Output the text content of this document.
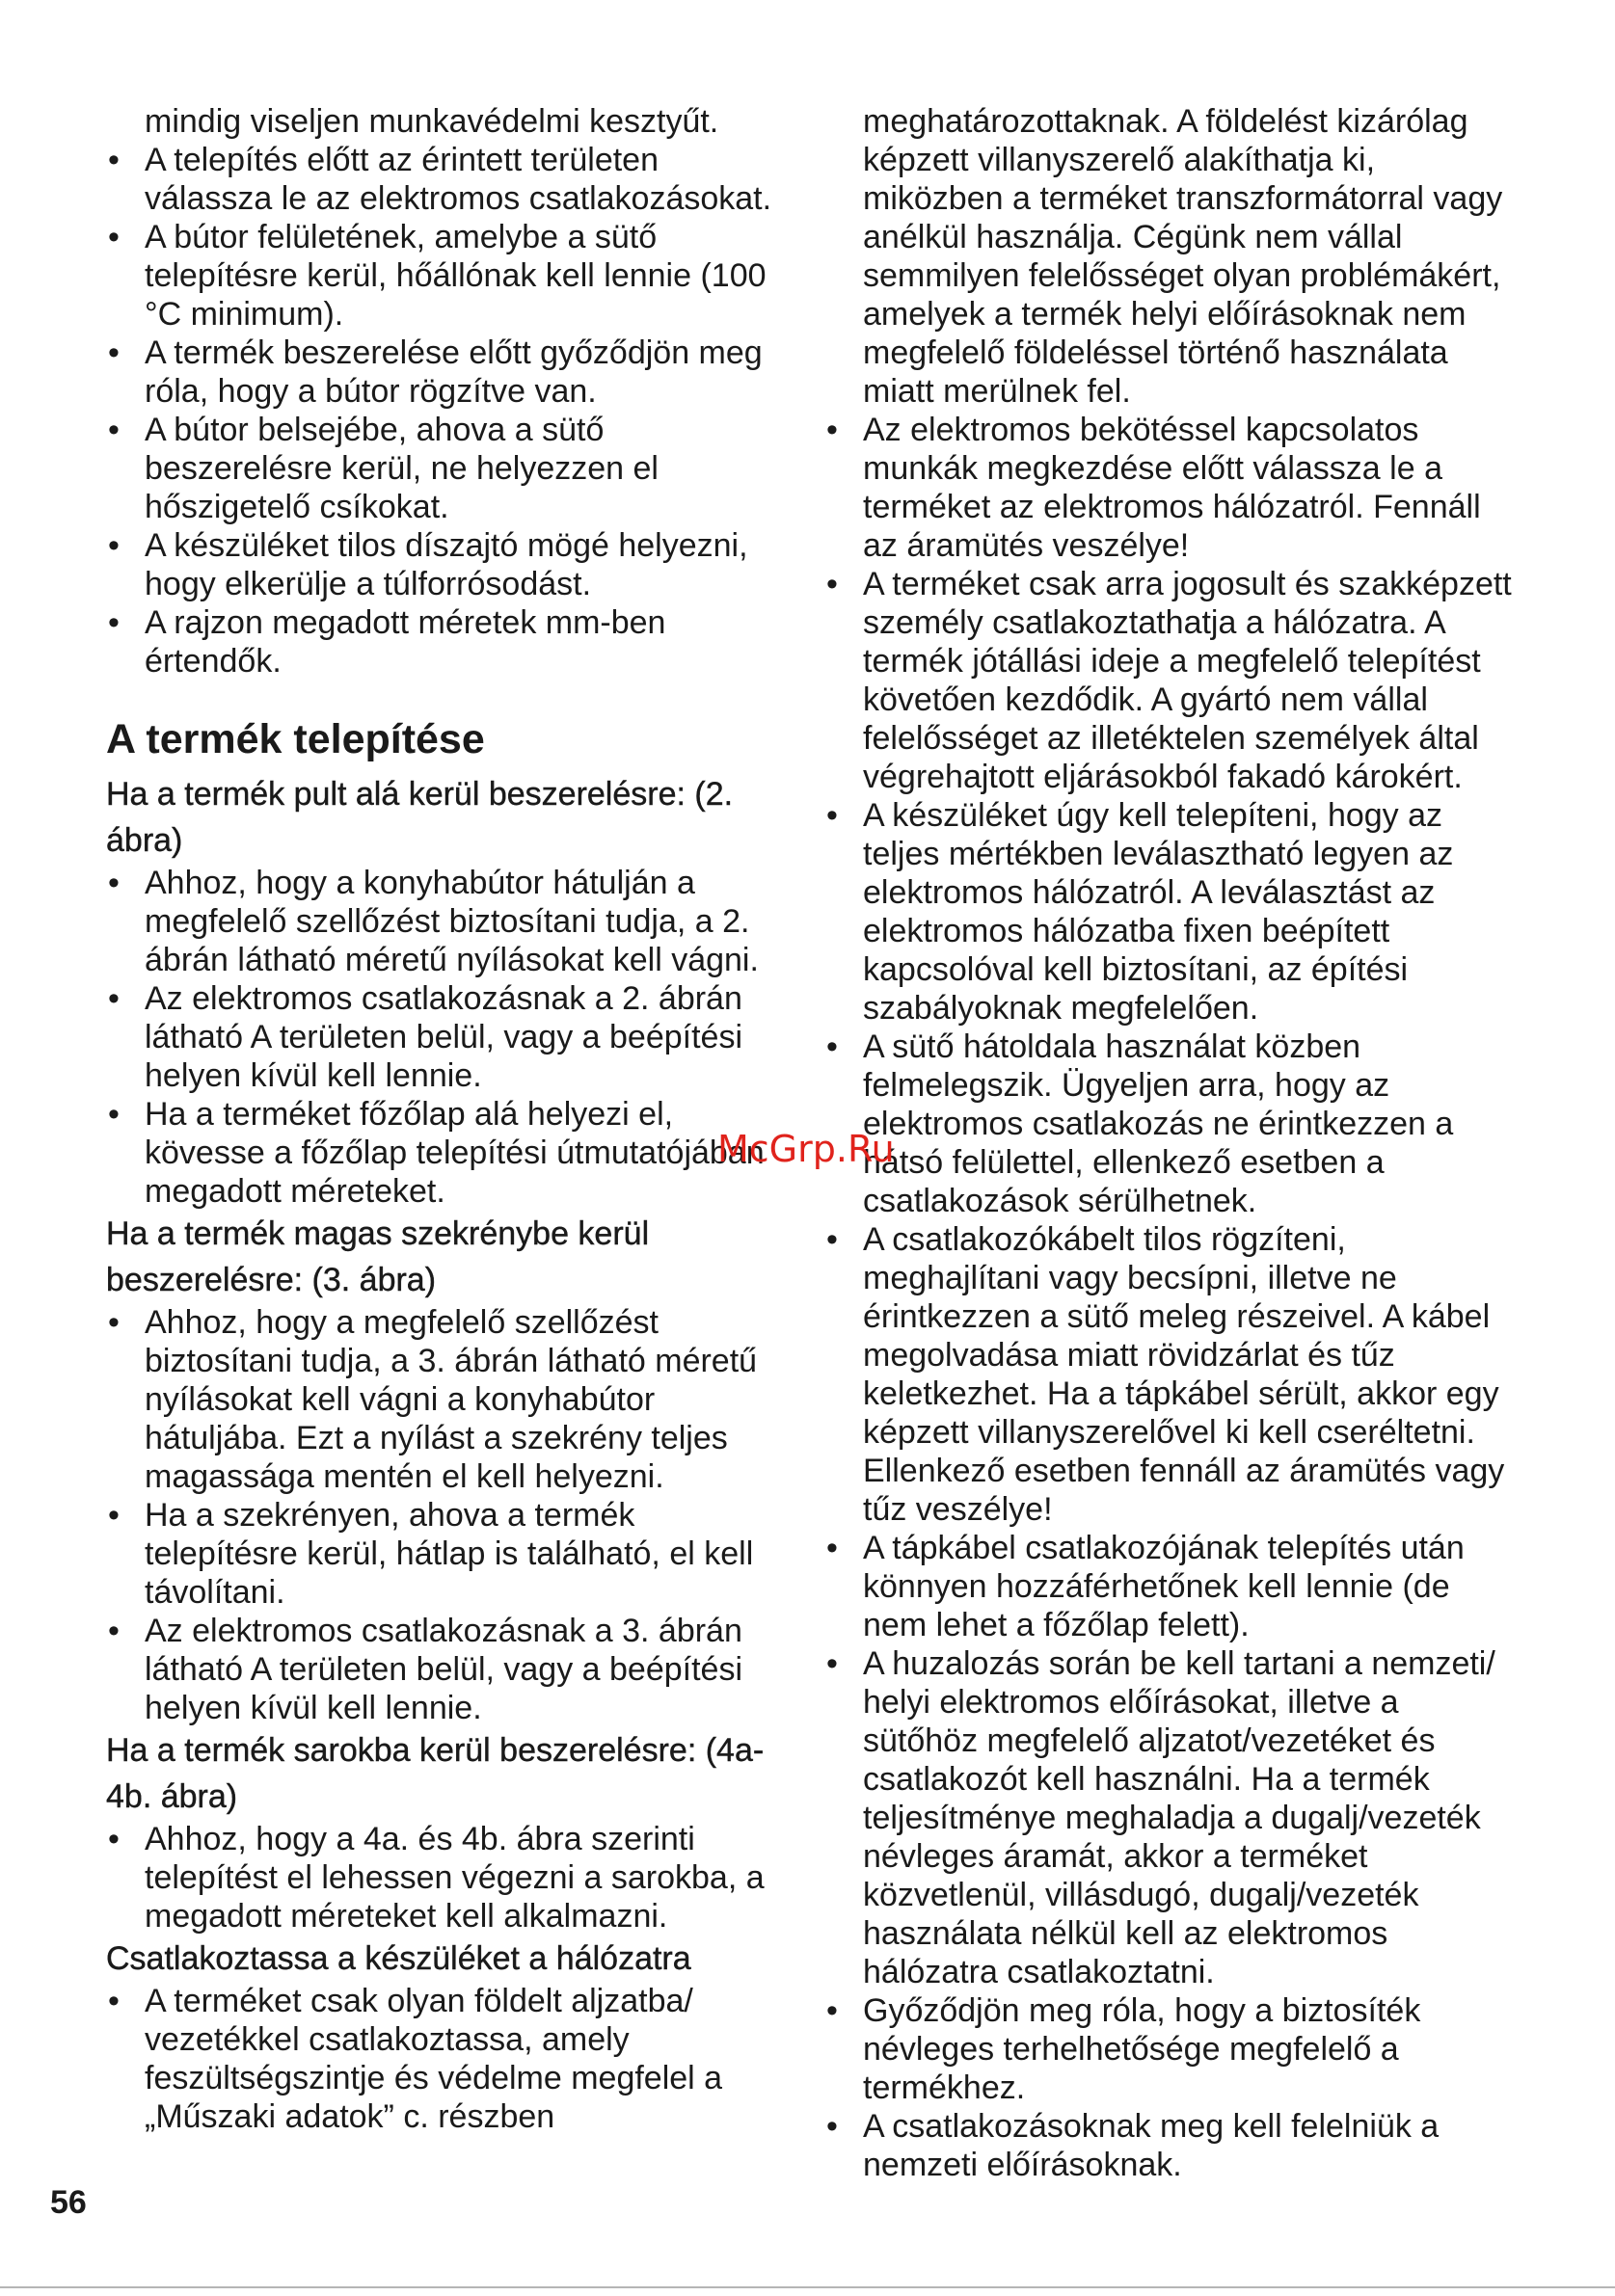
mindig viseljen munkavédelmi kesztyűt.

• A telepítés előtt az érintett területen válassza le az elektromos csatlakozásokat.
• A bútor felületének, amelybe a sütő telepítésre kerül, hőállónak kell lennie (100 °C minimum).
• A termék beszerelése előtt győződjön meg róla, hogy a bútor rögzítve van.
• A bútor belsejébe, ahova a sütő beszerelésre kerül, ne helyezzen el hőszigetelő csíkokat.
• A készüléket tilos díszajtó mögé helyezni, hogy elkerülje a túlforrósodást.
• A rajzon megadott méretek mm-ben értendők.
A termék telepítése
Ha a termék pult alá kerül beszerelésre: (2. ábra)
• Ahhoz, hogy a konyhabútor hátulján a megfelelő szellőzést biztosítani tudja, a 2. ábrán látható méretű nyílásokat kell vágni.
• Az elektromos csatlakozásnak a 2. ábrán látható A területen belül, vagy a beépítési helyen kívül kell lennie.
• Ha a terméket főzőlap alá helyezi el, kövesse a főzőlap telepítési útmutatójában megadott méreteket.
Ha a termék magas szekrénybe kerül beszerelésre: (3. ábra)
• Ahhoz, hogy a megfelelő szellőzést biztosítani tudja, a 3. ábrán látható méretű nyílásokat kell vágni a konyhabútor hátuljába. Ezt a nyílást a szekrény teljes magassága mentén el kell helyezni.
• Ha a szekrényen, ahova a termék telepítésre kerül, hátlap is található, el kell távolítani.
• Az elektromos csatlakozásnak a 3. ábrán látható A területen belül, vagy a beépítési helyen kívül kell lennie.
Ha a termék sarokba kerül beszerelésre: (4a-4b. ábra)
• Ahhoz, hogy a 4a. és 4b. ábra szerinti telepítést el lehessen végezni a sarokba, a megadott méreteket kell alkalmazni.
Csatlakoztassa a készüléket a hálózatra
• A terméket csak olyan földelt aljzatba/ vezetékkel csatlakoztassa, amely feszültségszintje és védelme megfelel a „Műszaki adatok” c. részben

meghatározottaknak. A földelést kizárólag képzett villanyszerelő alakíthatja ki, miközben a terméket transzformátorral vagy anélkül használja. Cégünk nem vállal semmilyen felelősséget olyan problémákért, amelyek a termék helyi előírásoknak nem megfelelő földeléssel történő használata miatt merülnek fel.

• Az elektromos bekötéssel kapcsolatos munkák megkezdése előtt válassza le a terméket az elektromos hálózatról. Fennáll az áramütés veszélye!
• A terméket csak arra jogosult és szakképzett személy csatlakoztathatja a hálózatra. A termék jótállási ideje a megfelelő telepítést követően kezdődik. A gyártó nem vállal felelősséget az illetéktelen személyek által végrehajtott eljárásokból fakadó károkért.
• A készüléket úgy kell telepíteni, hogy az teljes mértékben leválasztható legyen az elektromos hálózatról. A leválasztást az elektromos hálózatba fixen beépített kapcsolóval kell biztosítani, az építési szabályoknak megfelelően.
• A sütő hátoldala használat közben felmelegszik. Ügyeljen arra, hogy az elektromos csatlakozás ne érintkezzen a hátsó felülettel, ellenkező esetben a csatlakozások sérülhetnek.
• A csatlakozókábelt tilos rögzíteni, meghajlítani vagy becsípni, illetve ne érintkezzen a sütő meleg részeivel. A kábel megolvadása miatt rövidzárlat és tűz keletkezhet. Ha a tápkábel sérült, akkor egy képzett villanyszerelővel ki kell cseréltetni. Ellenkező esetben fennáll az áramütés vagy tűz veszélye!
• A tápkábel csatlakozójának telepítés után könnyen hozzáférhetőnek kell lennie (de nem lehet a főzőlap felett).
• A huzalozás során be kell tartani a nemzeti/ helyi elektromos előírásokat, illetve a sütőhöz megfelelő aljzatot/vezetéket és csatlakozót kell használni. Ha a termék teljesítménye meghaladja a dugalj/vezeték névleges áramát, akkor a terméket közvetlenül, villásdugó, dugalj/vezeték használata nélkül kell az elektromos hálózatra csatlakoztatni.
• Győződjön meg róla, hogy a biztosíték névleges terhelhetősége megfelelő a termékhez.
• A csatlakozásoknak meg kell felelniük a nemzeti előírásoknak.
McGrp.Ru
56
